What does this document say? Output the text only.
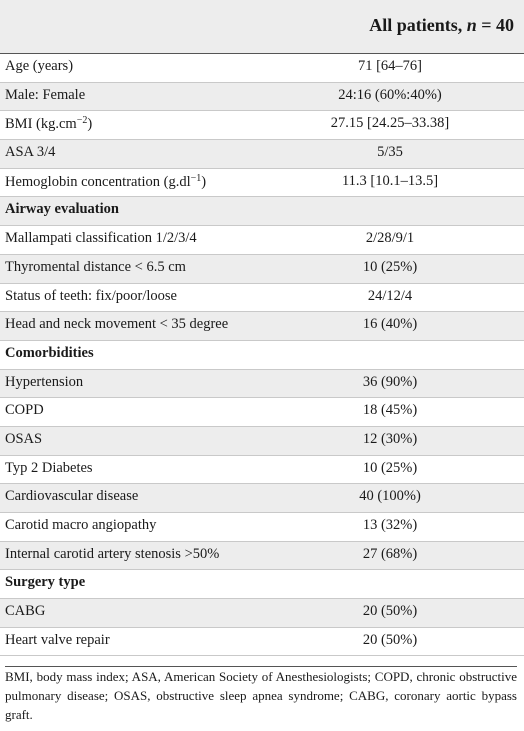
All patients, n = 40
Age (years)	71 [64–76]
Male: Female	24:16 (60%:40%)
BMI $(kg.cm^{-2})$	27.15 [24.25–33.38]
ASA 3/4	5/35
Hemoglobin concentration $(g.dl^{-1})$	11.3 [10.1–13.5]
Airway evaluation
Mallampati classification 1/2/3/4	2/28/9/1
Thyromental distance < 6.5 cm	10 (25%)
Status of teeth: fix/poor/loose	24/12/4
Head and neck movement < 35 degree	16 (40%)
Comorbidities
Hypertension	36 (90%)
COPD	18 (45%)
OSAS	12 (30%)
Typ 2 Diabetes	10 (25%)
Cardiovascular disease	40 (100%)
Carotid macro angiopathy	13 (32%)
Internal carotid artery stenosis >50%	27 (68%)
Surgery type
CABG	20 (50%)
Heart valve repair	20 (50%)
BMI, body mass index; ASA, American Society of Anesthesiologists; COPD, chronic obstructive pulmonary disease; OSAS, obstructive sleep apnea syndrome; CABG, coronary aortic bypass graft.
